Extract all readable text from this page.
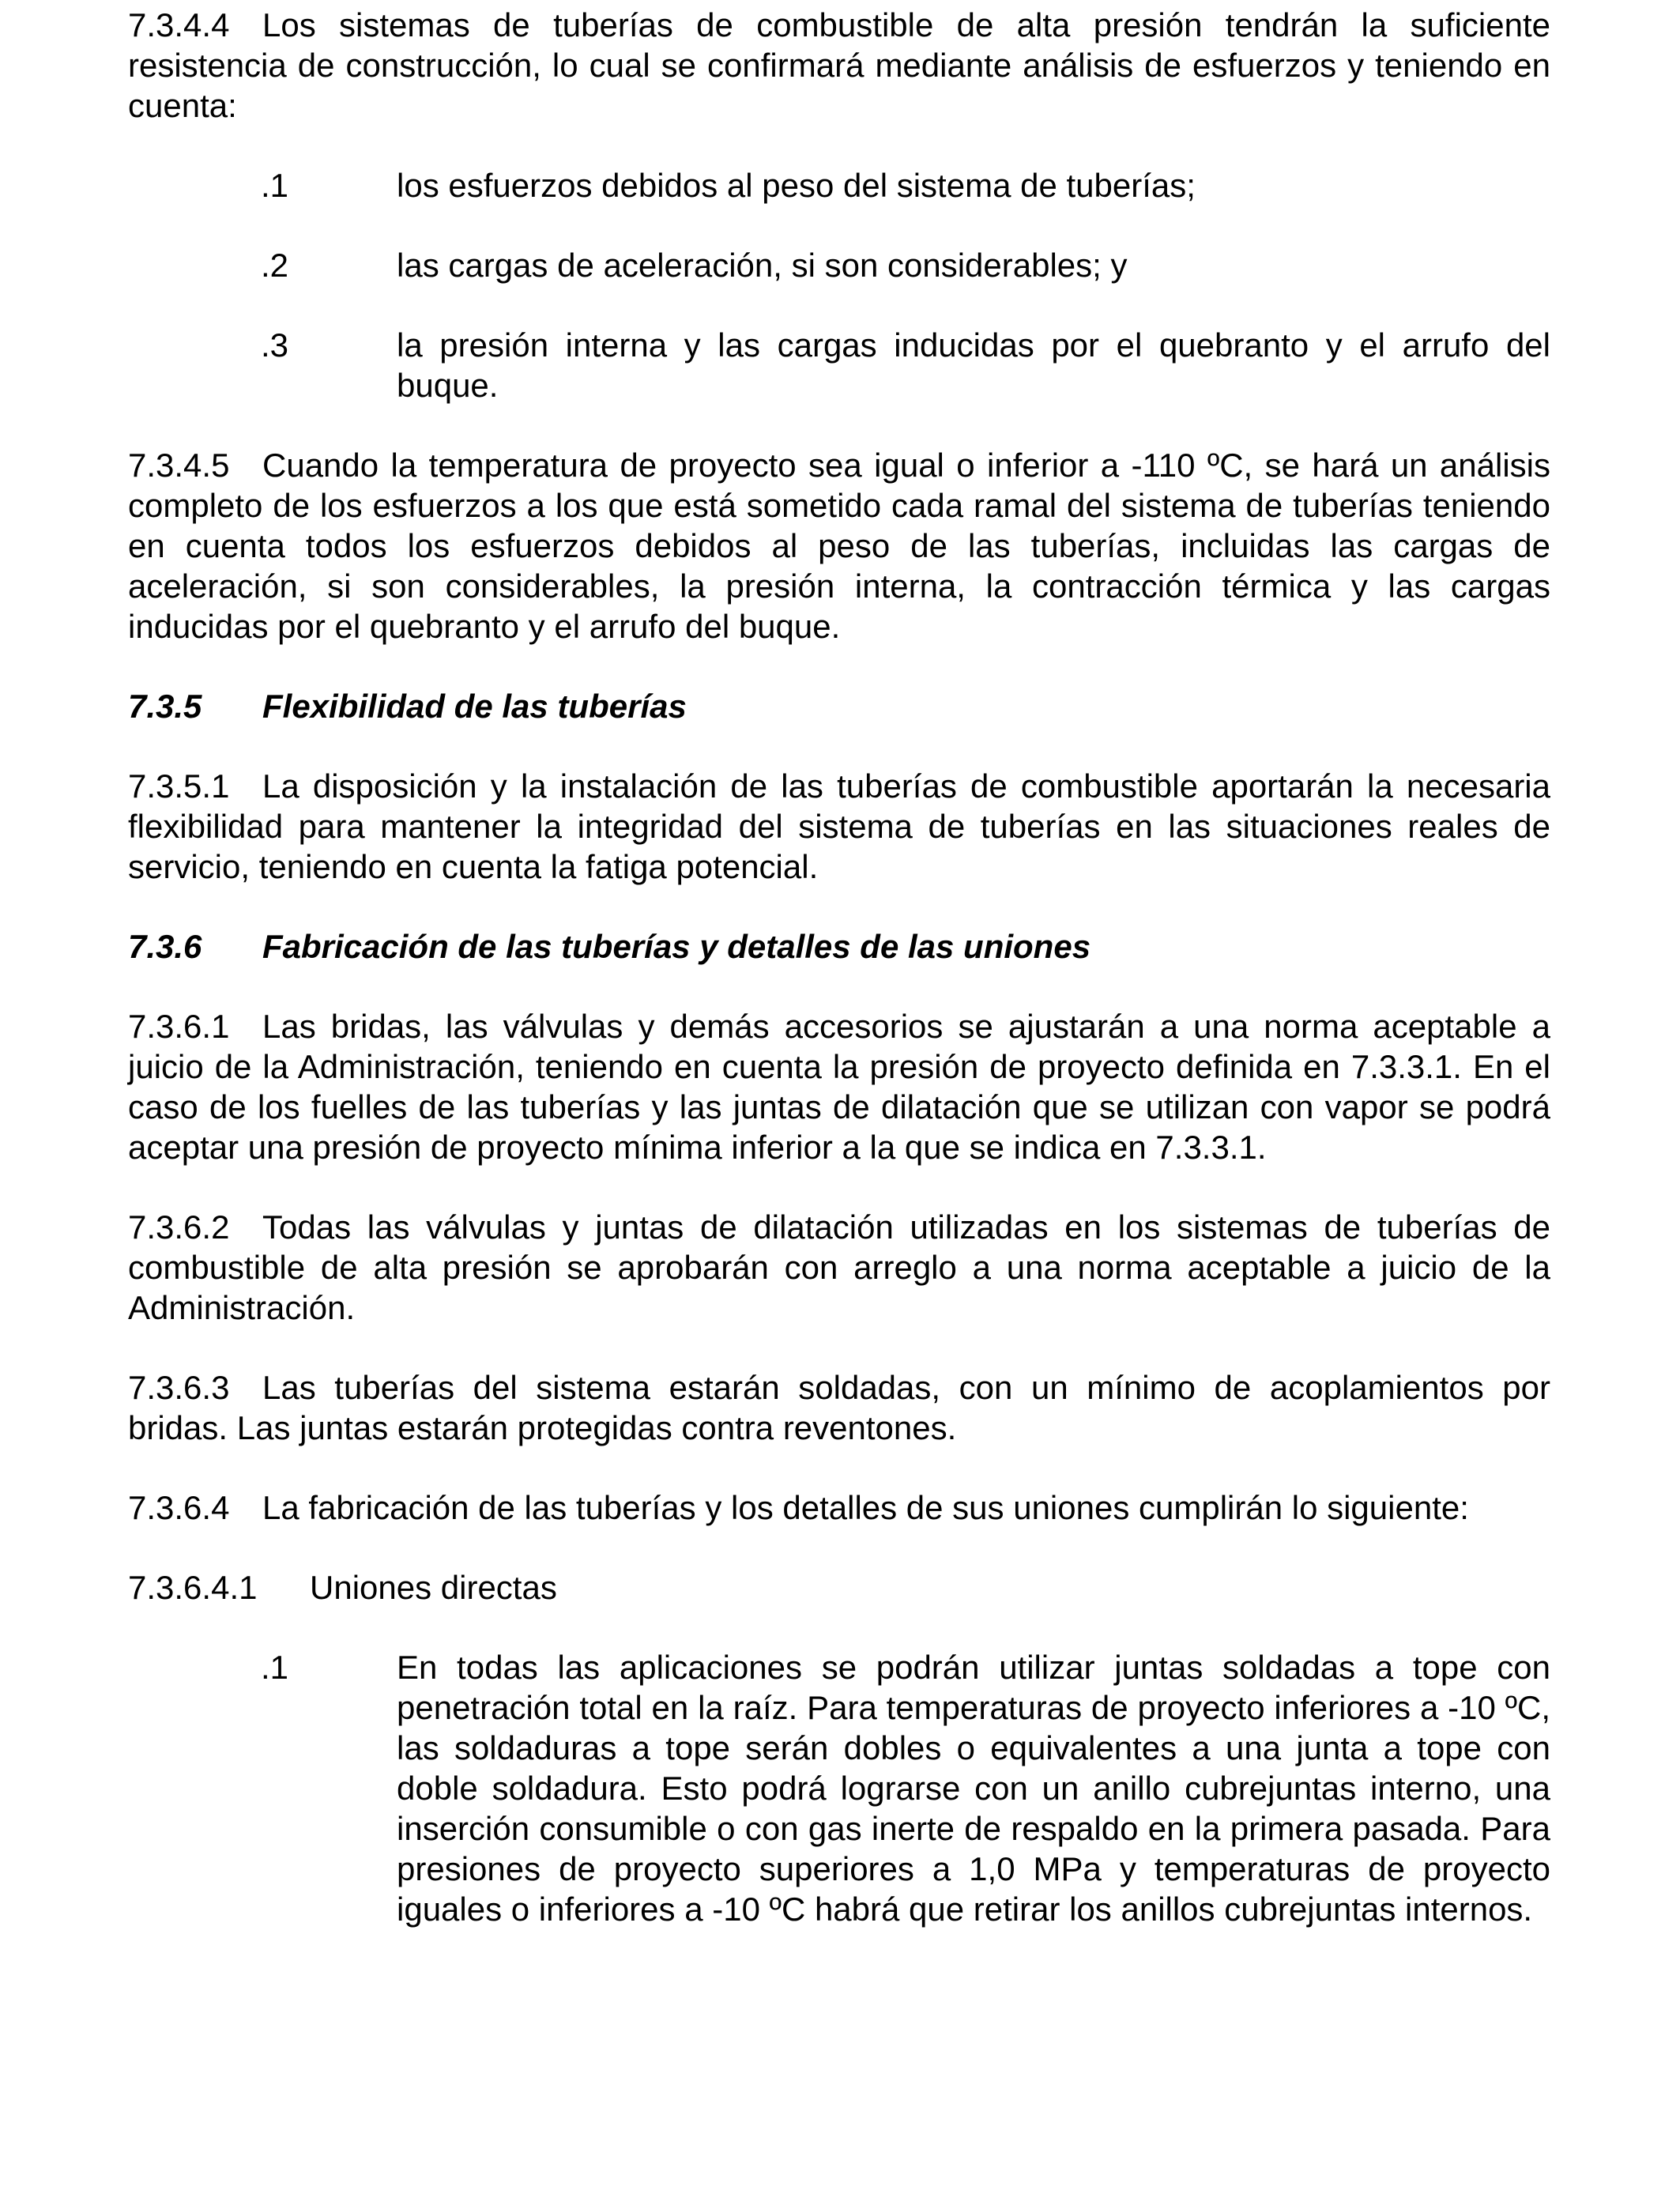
7.3.4.4 Los sistemas de tuberías de combustible de alta presión tendrán la suficiente resistencia de construcción, lo cual se confirmará mediante análisis de esfuerzos y teniendo en cuenta:

.1	los esfuerzos debidos al peso del sistema de tuberías;
.2	las cargas de aceleración, si son considerables; y
.3	la presión interna y las cargas inducidas por el quebranto y el arrufo del buque.

7.3.4.5 Cuando la temperatura de proyecto sea igual o inferior a -110 ºC, se hará un análisis completo de los esfuerzos a los que está sometido cada ramal del sistema de tuberías teniendo en cuenta todos los esfuerzos debidos al peso de las tuberías, incluidas las cargas de aceleración, si son considerables, la presión interna, la contracción térmica y las cargas inducidas por el quebranto y el arrufo del buque.

7.3.5 Flexibilidad de las tuberías

7.3.5.1 La disposición y la instalación de las tuberías de combustible aportarán la necesaria flexibilidad para mantener la integridad del sistema de tuberías en las situaciones reales de servicio, teniendo en cuenta la fatiga potencial.

7.3.6 Fabricación de las tuberías y detalles de las uniones

7.3.6.1 Las bridas, las válvulas y demás accesorios se ajustarán a una norma aceptable a juicio de la Administración, teniendo en cuenta la presión de proyecto definida en 7.3.3.1. En el caso de los fuelles de las tuberías y las juntas de dilatación que se utilizan con vapor se podrá aceptar una presión de proyecto mínima inferior a la que se indica en 7.3.3.1.

7.3.6.2 Todas las válvulas y juntas de dilatación utilizadas en los sistemas de tuberías de combustible de alta presión se aprobarán con arreglo a una norma aceptable a juicio de la Administración.

7.3.6.3 Las tuberías del sistema estarán soldadas, con un mínimo de acoplamientos por bridas. Las juntas estarán protegidas contra reventones.

7.3.6.4 La fabricación de las tuberías y los detalles de sus uniones cumplirán lo siguiente:

7.3.6.4.1 Uniones directas

.1	En todas las aplicaciones se podrán utilizar juntas soldadas a tope con penetración total en la raíz. Para temperaturas de proyecto inferiores a -10 ºC, las soldaduras a tope serán dobles o equivalentes a una junta a tope con doble soldadura. Esto podrá lograrse con un anillo cubrejuntas interno, una inserción consumible o con gas inerte de respaldo en la primera pasada. Para presiones de proyecto superiores a 1,0 MPa y temperaturas de proyecto iguales o inferiores a -10 ºC habrá que retirar los anillos cubrejuntas internos.
